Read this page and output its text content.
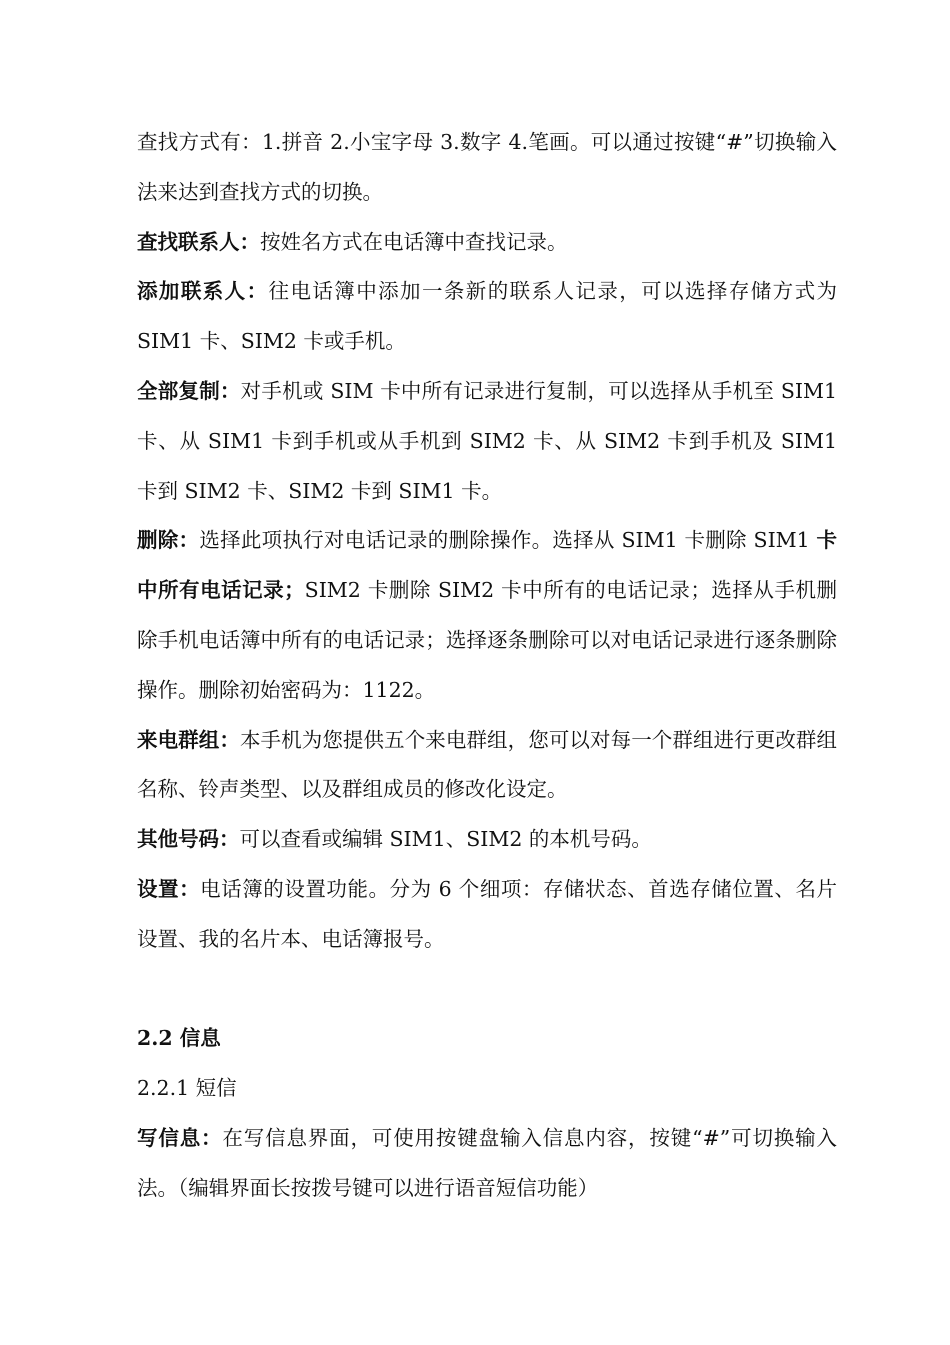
查找方式有：1.拼音 2.小宝字母 3.数字 4.笔画。可以通过按键“#”切换输入法来达到查找方式的切换。

查找联系人：按姓名方式在电话簿中查找记录。

添加联系人：往电话簿中添加一条新的联系人记录，可以选择存储方式为 SIM1 卡、SIM2 卡或手机。

全部复制：对手机或 SIM 卡中所有记录进行复制，可以选择从手机至 SIM1 卡、从 SIM1 卡到手机或从手机到 SIM2 卡、从 SIM2 卡到手机及 SIM1 卡到 SIM2 卡、SIM2 卡到 SIM1 卡。

删除：选择此项执行对电话记录的删除操作。选择从 SIM1 卡删除 SIM1 卡中所有电话记录；SIM2 卡删除 SIM2 卡中所有的电话记录；选择从手机删除手机电话簿中所有的电话记录；选择逐条删除可以对电话记录进行逐条删除操作。删除初始密码为：1122。

来电群组：本手机为您提供五个来电群组，您可以对每一个群组进行更改群组名称、铃声类型、以及群组成员的修改化设定。

其他号码：可以查看或编辑 SIM1、SIM2 的本机号码。

设置：电话簿的设置功能。分为 6 个细项：存储状态、首选存储位置、名片设置、我的名片本、电话簿报号。

2.2 信息

2.2.1 短信

写信息：在写信息界面，可使用按键盘输入信息内容，按键“#”可切换输入法。（编辑界面长按拨号键可以进行语音短信功能）
